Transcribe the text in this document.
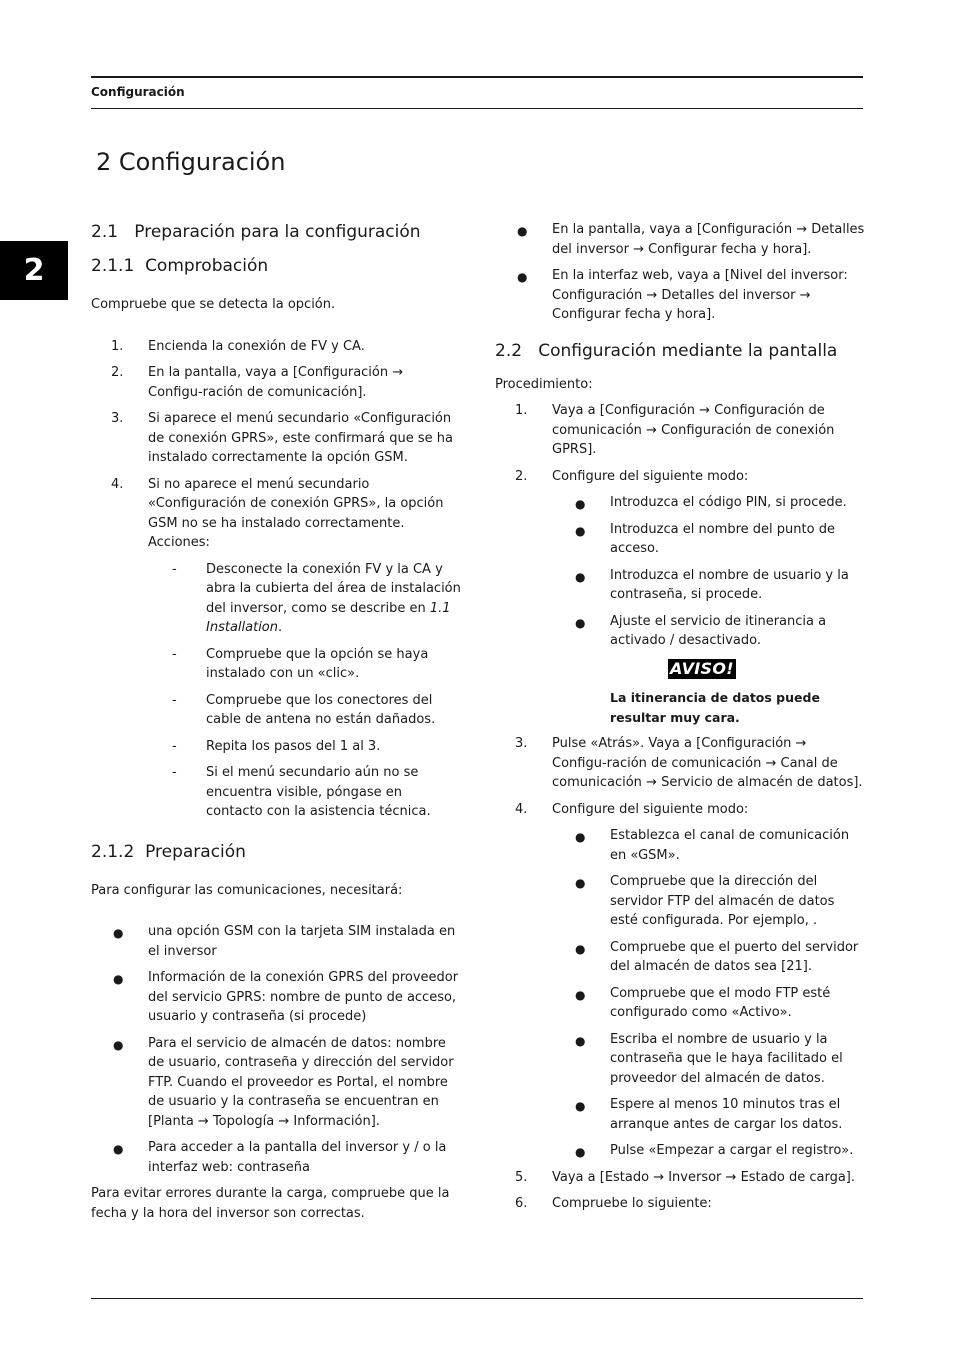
Configuración
2
2 Configuración
2.1   Preparación para la configuración
2.1.1  Comprobación

Compruebe que se detecta la opción.

1. Encienda la conexión de FV y CA.
2. En la pantalla, vaya a [Configuración → Configu-ración de comunicación].
3. Si aparece el menú secundario «Configuración de conexión GPRS», este confirmará que se ha instalado correctamente la opción GSM.
4. Si no aparece el menú secundario «Configuración de conexión GPRS», la opción GSM no se ha instalado correctamente. Acciones:
- Desconecte la conexión FV y la CA y abra la cubierta del área de instalación del inversor, como se describe en 1.1 Installation.
- Compruebe que la opción se haya instalado con un «clic».
- Compruebe que los conectores del cable de antena no están dañados.
- Repita los pasos del 1 al 3.
- Si el menú secundario aún no se encuentra visible, póngase en contacto con la asistencia técnica.
2.1.2  Preparación

Para configurar las comunicaciones, necesitará:

● una opción GSM con la tarjeta SIM instalada en el inversor
● Información de la conexión GPRS del proveedor del servicio GPRS: nombre de punto de acceso, usuario y contraseña (si procede)
● Para el servicio de almacén de datos: nombre de usuario, contraseña y dirección del servidor FTP. Cuando el proveedor es Portal, el nombre de usuario y la contraseña se encuentran en [Planta → Topología → Información].
● Para acceder a la pantalla del inversor y / o la interfaz web: contraseña

Para evitar errores durante la carga, compruebe que la fecha y la hora del inversor son correctas.

● En la pantalla, vaya a [Configuración → Detalles del inversor → Configurar fecha y hora].
● En la interfaz web, vaya a [Nivel del inversor: Configuración → Detalles del inversor → Configurar fecha y hora].
2.2   Configuración mediante la pantalla

Procedimiento:

1. Vaya a [Configuración → Configuración de comunicación → Configuración de conexión GPRS].
2. Configure del siguiente modo:
● Introduzca el código PIN, si procede.
● Introduzca el nombre del punto de acceso.
● Introduzca el nombre de usuario y la contraseña, si procede.
● Ajuste el servicio de itinerancia a activado / desactivado.
AVISO!
La itinerancia de datos puede resultar muy cara.
3. Pulse «Atrás». Vaya a [Configuración → Configu-ración de comunicación → Canal de comunicación → Servicio de almacén de datos].
4. Configure del siguiente modo:
● Establezca el canal de comunicación en «GSM».
● Compruebe que la dirección del servidor FTP del almacén de datos esté configurada. Por ejemplo, .
● Compruebe que el puerto del servidor del almacén de datos sea [21].
● Compruebe que el modo FTP esté configurado como «Activo».
● Escriba el nombre de usuario y la contraseña que le haya facilitado el proveedor del almacén de datos.
● Espere al menos 10 minutos tras el arranque antes de cargar los datos.
● Pulse «Empezar a cargar el registro».
5. Vaya a [Estado → Inversor → Estado de carga].
6. Compruebe lo siguiente:
